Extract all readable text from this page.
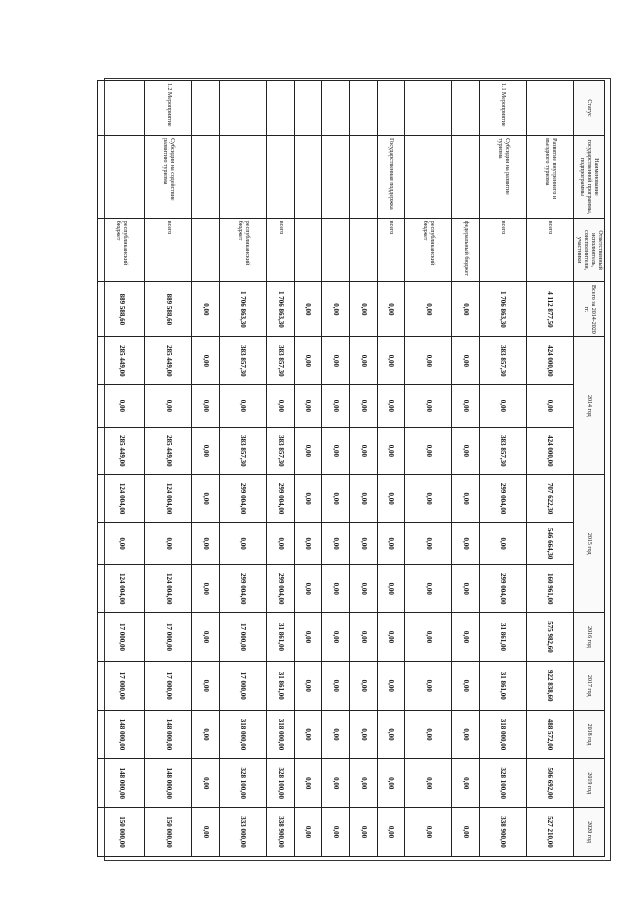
Статус	Наименование государственной программы, подпрограммы	Ответственный исполнитель, соисполнители, участники	Всего за 2014-2020 гг.	2014 год			2015 год			2016 год	2017 год	2018 год	2019 год	2020 год
	Развитие внутреннего и въездного туризма	всего	4 112 877,50	424 000,00	0,00	424 000,00	707 622,30	546 664,30	160 961,00	575 982,60	922 838,60	488 572,00	506 692,00	527 210,00
1.1 Мероприятие	Субсидии на развитие туризма	всего	1 706 863,30	383 857,30	0,00	383 857,30	299 004,00	0,00	299 004,00	31 861,00	31 861,00	318 000,00	328 100,00	338 900,00
		федеральный бюджет	0,00	0,00	0,00	0,00	0,00	0,00	0,00	0,00	0,00	0,00	0,00	0,00
		республиканский бюджет	0,00	0,00	0,00	0,00	0,00	0,00	0,00	0,00	0,00	0,00	0,00	0,00
	Государственная поддержка	всего	0,00	0,00	0,00	0,00	0,00	0,00	0,00	0,00	0,00	0,00	0,00	0,00
			0,00	0,00	0,00	0,00	0,00	0,00	0,00	0,00	0,00	0,00	0,00	0,00
			0,00	0,00	0,00	0,00	0,00	0,00	0,00	0,00	0,00	0,00	0,00	0,00
			0,00	0,00	0,00	0,00	0,00	0,00	0,00	0,00	0,00	0,00	0,00	0,00
		всего	1 706 863,30	383 857,30	0,00	383 857,30	299 004,00	0,00	299 004,00	31 861,00	31 861,00	318 000,00	328 100,00	338 900,00
		республиканский бюджет	1 706 863,30	383 857,30	0,00	383 857,30	299 004,00	0,00	299 004,00	17 000,00	17 000,00	318 000,00	328 100,00	333 000,00
			0,00	0,00	0,00	0,00	0,00	0,00	0,00	0,00	0,00	0,00	0,00	0,00
1.2 Мероприятие	Субсидии на содействие развитию туризма	всего	889 588,60	285 449,00	0,00	285 449,00	124 004,00	0,00	124 004,00	17 000,00	17 000,00	148 000,00	148 000,00	150 000,00
		республиканский бюджет	889 588,60	285 449,00	0,00	285 449,00	124 004,00	0,00	124 004,00	17 000,00	17 000,00	148 000,00	148 000,00	150 000,00
